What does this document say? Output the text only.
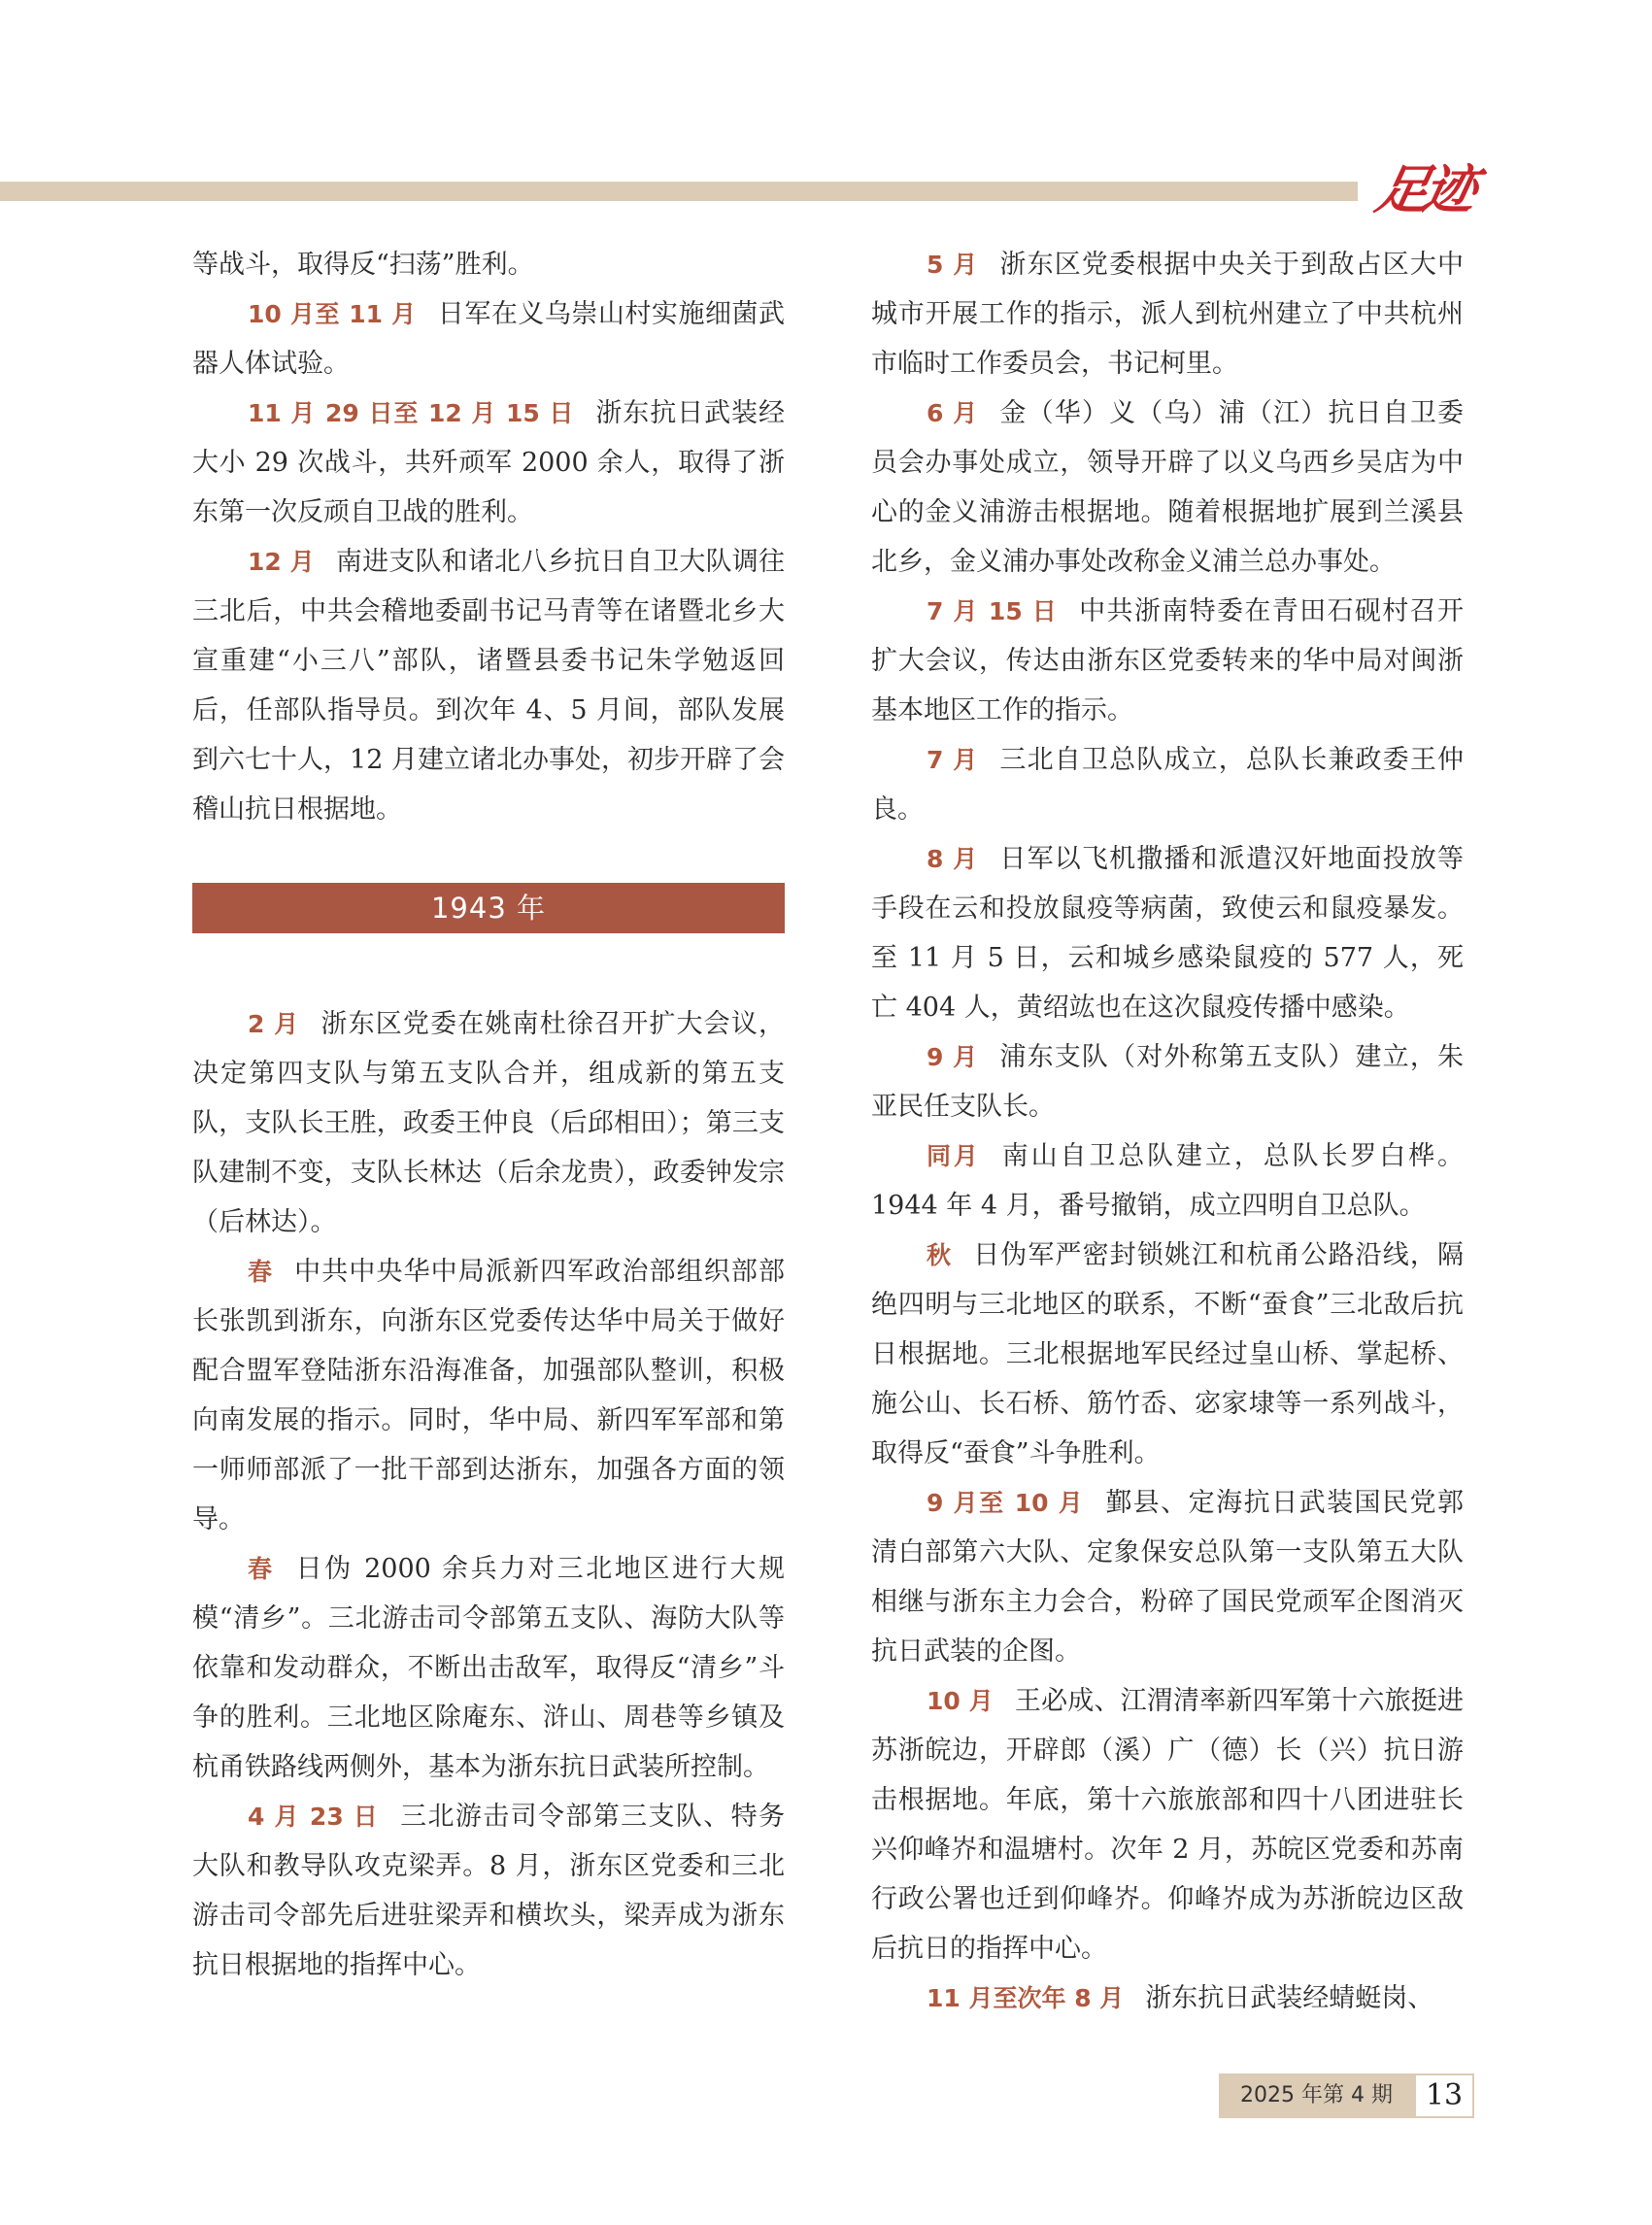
足迹

等战斗，取得反“扫荡”胜利。

10 月至 11 月 日军在义乌崇山村实施细菌武器人体试验。

11 月 29 日至 12 月 15 日 浙东抗日武装经大小 29 次战斗，共歼顽军 2000 余人，取得了浙东第一次反顽自卫战的胜利。

12 月 南进支队和诸北八乡抗日自卫大队调往三北后，中共会稽地委副书记马青等在诸暨北乡大宣重建“小三八”部队，诸暨县委书记朱学勉返回后，任部队指导员。到次年 4、5 月间，部队发展到六七十人，12 月建立诸北办事处，初步开辟了会稽山抗日根据地。

1943 年

2 月 浙东区党委在姚南杜徐召开扩大会议，决定第四支队与第五支队合并，组成新的第五支队，支队长王胜，政委王仲良（后邱相田）；第三支队建制不变，支队长林达（后余龙贵），政委钟发宗（后林达）。

春 中共中央华中局派新四军政治部组织部部长张凯到浙东，向浙东区党委传达华中局关于做好配合盟军登陆浙东沿海准备，加强部队整训，积极向南发展的指示。同时，华中局、新四军军部和第一师师部派了一批干部到达浙东，加强各方面的领导。

春 日伪 2000 余兵力对三北地区进行大规模“清乡”。三北游击司令部第五支队、海防大队等依靠和发动群众，不断出击敌军，取得反“清乡”斗争的胜利。三北地区除庵东、浒山、周巷等乡镇及杭甬铁路线两侧外，基本为浙东抗日武装所控制。

4 月 23 日 三北游击司令部第三支队、特务大队和教导队攻克梁弄。8 月，浙东区党委和三北游击司令部先后进驻梁弄和横坎头，梁弄成为浙东抗日根据地的指挥中心。

5 月 浙东区党委根据中央关于到敌占区大中城市开展工作的指示，派人到杭州建立了中共杭州市临时工作委员会，书记柯里。

6 月 金（华）义（乌）浦（江）抗日自卫委员会办事处成立，领导开辟了以义乌西乡吴店为中心的金义浦游击根据地。随着根据地扩展到兰溪县北乡，金义浦办事处改称金义浦兰总办事处。

7 月 15 日 中共浙南特委在青田石砚村召开扩大会议，传达由浙东区党委转来的华中局对闽浙基本地区工作的指示。

7 月 三北自卫总队成立，总队长兼政委王仲良。

8 月 日军以飞机撒播和派遣汉奸地面投放等手段在云和投放鼠疫等病菌，致使云和鼠疫暴发。至 11 月 5 日，云和城乡感染鼠疫的 577 人，死亡 404 人，黄绍竑也在这次鼠疫传播中感染。

9 月 浦东支队（对外称第五支队）建立，朱亚民任支队长。

同月 南山自卫总队建立，总队长罗白桦。1944 年 4 月，番号撤销，成立四明自卫总队。

秋 日伪军严密封锁姚江和杭甬公路沿线，隔绝四明与三北地区的联系，不断“蚕食”三北敌后抗日根据地。三北根据地军民经过皇山桥、掌起桥、施公山、长石桥、筋竹岙、宓家埭等一系列战斗，取得反“蚕食”斗争胜利。

9 月至 10 月 鄞县、定海抗日武装国民党郭清白部第六大队、定象保安总队第一支队第五大队相继与浙东主力会合，粉碎了国民党顽军企图消灭抗日武装的企图。

10 月 王必成、江渭清率新四军第十六旅挺进苏浙皖边，开辟郎（溪）广（德）长（兴）抗日游击根据地。年底，第十六旅旅部和四十八团进驻长兴仰峰岕和温塘村。次年 2 月，苏皖区党委和苏南行政公署也迁到仰峰岕。仰峰岕成为苏浙皖边区敌后抗日的指挥中心。

11 月至次年 8 月 浙东抗日武装经蜻蜓岗、

2025 年第 4 期	13
